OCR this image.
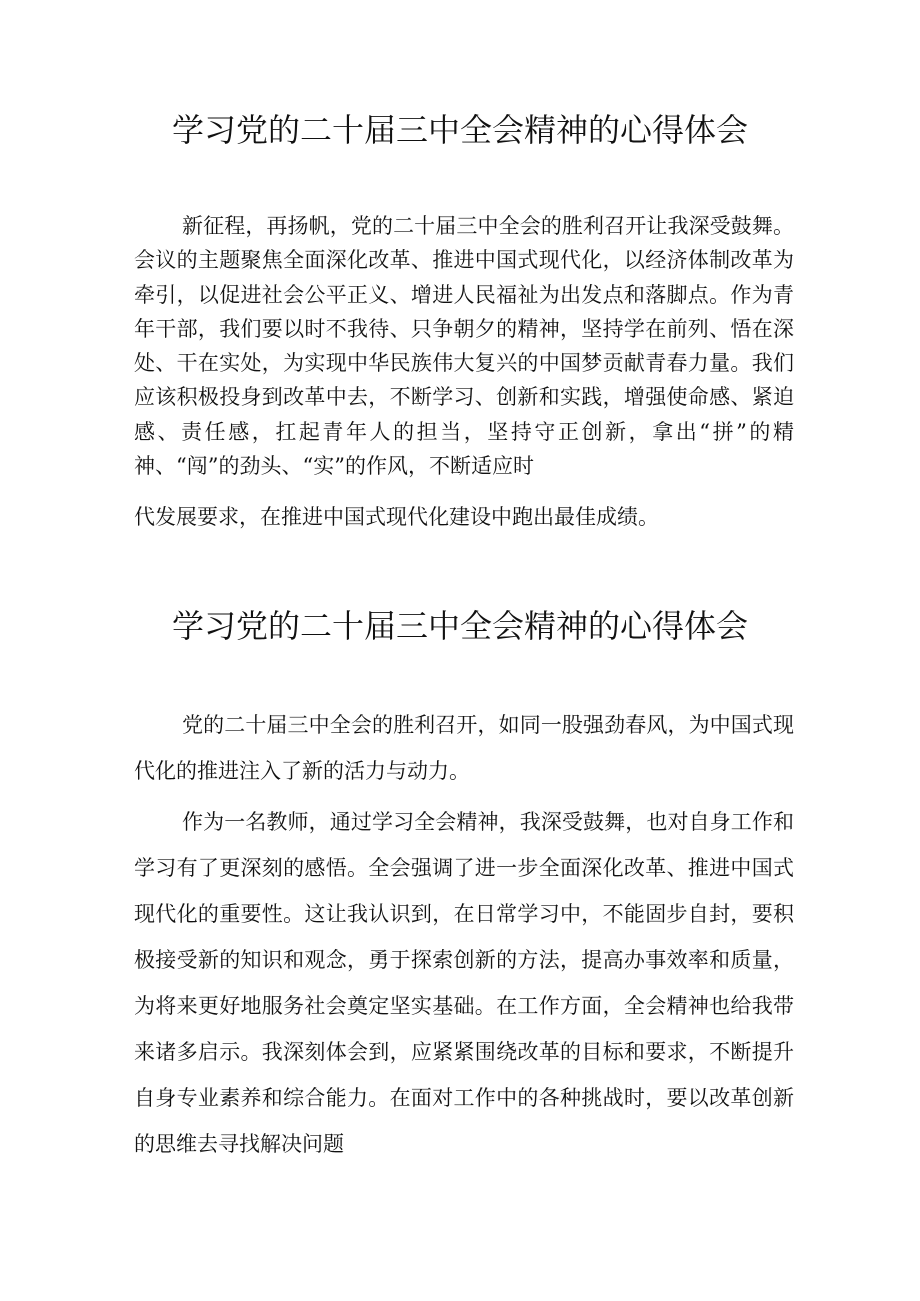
学习党的二十届三中全会精神的心得体会

新征程，再扬帆，党的二十届三中全会的胜利召开让我深受鼓舞。会议的主题聚焦全面深化改革、推进中国式现代化，以经济体制改革为牵引，以促进社会公平正义、增进人民福祉为出发点和落脚点。作为青年干部，我们要以时不我待、只争朝夕的精神，坚持学在前列、悟在深处、干在实处，为实现中华民族伟大复兴的中国梦贡献青春力量。我们应该积极投身到改革中去，不断学习、创新和实践，增强使命感、紧迫感、责任感，扛起青年人的担当，坚持守正创新，拿出“拼”的精神、“闯”的劲头、“实”的作风，不断适应时

代发展要求，在推进中国式现代化建设中跑出最佳成绩。

学习党的二十届三中全会精神的心得体会

党的二十届三中全会的胜利召开，如同一股强劲春风，为中国式现代化的推进注入了新的活力与动力。

作为一名教师，通过学习全会精神，我深受鼓舞，也对自身工作和学习有了更深刻的感悟。全会强调了进一步全面深化改革、推进中国式现代化的重要性。这让我认识到，在日常学习中，不能固步自封，要积极接受新的知识和观念，勇于探索创新的方法，提高办事效率和质量，为将来更好地服务社会奠定坚实基础。在工作方面，全会精神也给我带来诸多启示。我深刻体会到，应紧紧围绕改革的目标和要求，不断提升自身专业素养和综合能力。在面对工作中的各种挑战时，要以改革创新的思维去寻找解决问题
